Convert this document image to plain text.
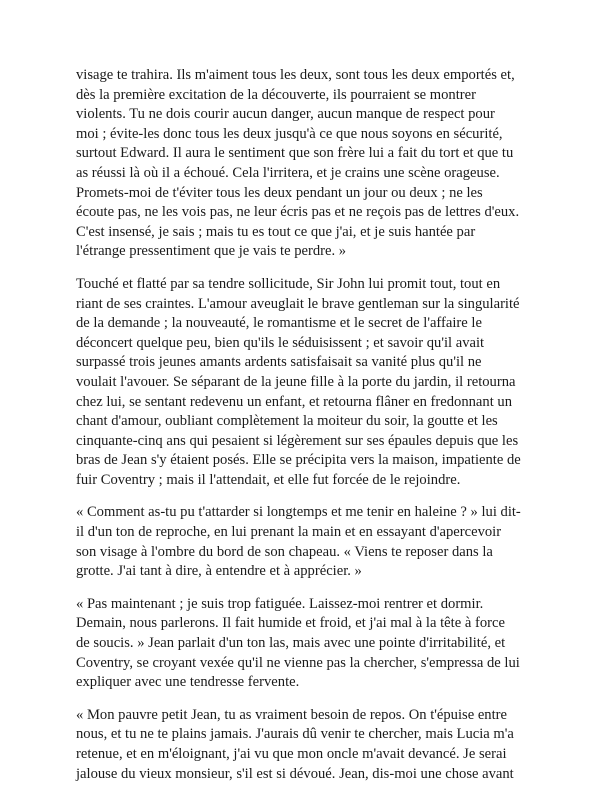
visage te trahira. Ils m'aiment tous les deux, sont tous les deux emportés et,
dès la première excitation de la découverte, ils pourraient se montrer
violents. Tu ne dois courir aucun danger, aucun manque de respect pour
moi ; évite-les donc tous les deux jusqu'à ce que nous soyons en sécurité,
surtout Edward. Il aura le sentiment que son frère lui a fait du tort et que tu
as réussi là où il a échoué. Cela l'irritera, et je crains une scène orageuse.
Promets-moi de t'éviter tous les deux pendant un jour ou deux ; ne les
écoute pas, ne les vois pas, ne leur écris pas et ne reçois pas de lettres d'eux.
C'est insensé, je sais ; mais tu es tout ce que j'ai, et je suis hantée par
l'étrange pressentiment que je vais te perdre. »

Touché et flatté par sa tendre sollicitude, Sir John lui promit tout, tout en
riant de ses craintes. L'amour aveuglait le brave gentleman sur la singularité
de la demande ; la nouveauté, le romantisme et le secret de l'affaire le
déconcert quelque peu, bien qu'ils le séduisissent ; et savoir qu'il avait
surpassé trois jeunes amants ardents satisfaisait sa vanité plus qu'il ne
voulait l'avouer. Se séparant de la jeune fille à la porte du jardin, il retourna
chez lui, se sentant redevenu un enfant, et retourna flâner en fredonnant un
chant d'amour, oubliant complètement la moiteur du soir, la goutte et les
cinquante-cinq ans qui pesaient si légèrement sur ses épaules depuis que les
bras de Jean s'y étaient posés. Elle se précipita vers la maison, impatiente de
fuir Coventry ; mais il l'attendait, et elle fut forcée de le rejoindre.

« Comment as-tu pu t'attarder si longtemps et me tenir en haleine ? » lui dit-
il d'un ton de reproche, en lui prenant la main et en essayant d'apercevoir
son visage à l'ombre du bord de son chapeau. « Viens te reposer dans la
grotte. J'ai tant à dire, à entendre et à apprécier. »

« Pas maintenant ; je suis trop fatiguée. Laissez-moi rentrer et dormir.
Demain, nous parlerons. Il fait humide et froid, et j'ai mal à la tête à force
de soucis. » Jean parlait d'un ton las, mais avec une pointe d'irritabilité, et
Coventry, se croyant vexée qu'il ne vienne pas la chercher, s'empressa de lui
expliquer avec une tendresse fervente.

« Mon pauvre petit Jean, tu as vraiment besoin de repos. On t'épuise entre
nous, et tu ne te plains jamais. J'aurais dû venir te chercher, mais Lucia m'a
retenue, et en m'éloignant, j'ai vu que mon oncle m'avait devancé. Je serai
jalouse du vieux monsieur, s'il est si dévoué. Jean, dis-moi une chose avant
